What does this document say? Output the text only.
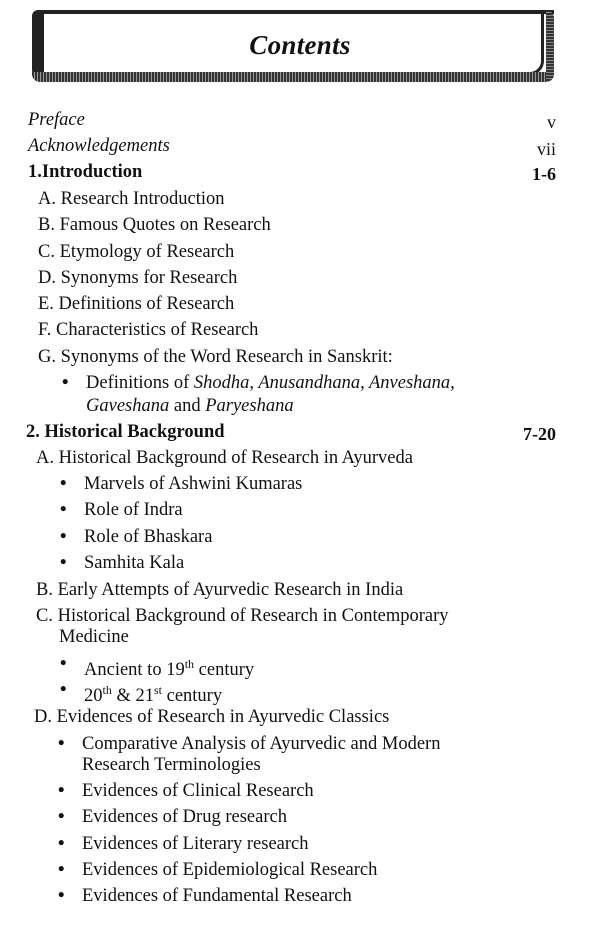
Contents
Preface	v
Acknowledgements	vii
1.Introduction	1-6
A. Research Introduction
B. Famous Quotes on Research
C. Etymology of Research
D. Synonyms for Research
E. Definitions of Research
F. Characteristics of Research
G. Synonyms of the Word Research in Sanskrit:
• Definitions of Shodha, Anusandhana, Anveshana,
Gaveshana and Paryeshana
2. Historical Background	7-20
A. Historical Background of Research in Ayurveda
• Marvels of Ashwini Kumaras
• Role of Indra
• Role of Bhaskara
• Samhita Kala
B. Early Attempts of Ayurvedic Research in India
C. Historical Background of Research in Contemporary
Medicine
• Ancient to 19th century
• 20th & 21st century
D. Evidences of Research in Ayurvedic Classics
• Comparative Analysis of Ayurvedic and Modern
Research Terminologies
• Evidences of Clinical Research
• Evidences of Drug research
• Evidences of Literary research
• Evidences of Epidemiological Research
• Evidences of Fundamental Research
